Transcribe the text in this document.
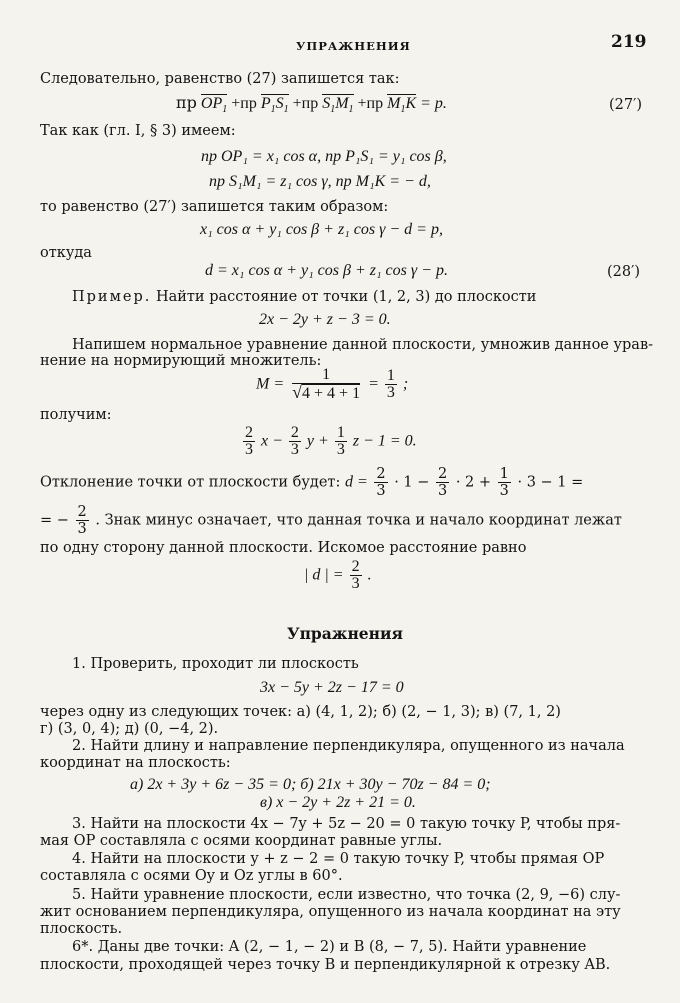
УПРАЖНЕНИЯ	219
Следовательно, равенство (27) запишется так:
пр $OP_1 +пр$ $P_1S_1 +пр$ $S_1M_1 +пр$ $M_1K = p$.	(27′)
Так как (гл. I, § 3) имеем:
пр OP₁ = x₁ cos α, пр P₁S₁ = y₁ cos β,
пр S₁M₁ = z₁ cos γ, пр M₁K = − d,
то равенство (27′) запишется таким образом:
x₁ cos α + y₁ cos β + z₁ cos γ − d = p,
откуда
d = x₁ cos α + y₁ cos β + z₁ cos γ − p.	(28′)
Пример. Найти расстояние от точки (1, 2, 3) до плоскости
2x − 2y + z − 3 = 0.
Напишем нормальное уравнение данной плоскости, умножив данное урав-
нение на нормирующий множитель:
$M = \frac{1}{√4 + 4 + 1} = \frac{1}{3}$ ;
получим:
$\frac{2}{3}$ $x - \frac{2}{3}$ $y + \frac{1}{3}$ z − 1 = 0.
Отклонение точки от плоскости будет: $d = \frac{2}{3} \cdot 1 - \frac{2}{3} \cdot 2 + \frac{1}{3} \cdot 3 - 1$ =
= − $\frac{2}{3}$ . Знак минус означает, что данная точка и начало координат лежат
по одну сторону данной плоскости. Искомое расстояние равно
| d | = $\frac{2}{3}$ .
Упражнения
1. Проверить, проходит ли плоскость
3x − 5y + 2z − 17 = 0
через одну из следующих точек: а) (4, 1, 2); б) (2, − 1, 3); в) (7, 1, 2)
г) (3, 0, 4); д) (0, −4, 2).
2. Найти длину и направление перпендикуляра, опущенного из начала
координат на плоскость:
а) 2x + 3y + 6z − 35 = 0; б) 21x + 30y − 70z − 84 = 0;
в) x − 2y + 2z + 21 = 0.
3. Найти на плоскости 4x − 7y + 5z − 20 = 0 такую точку P, чтобы пря-
мая OP составляла с осями координат равные углы.
4. Найти на плоскости y + z − 2 = 0 такую точку P, чтобы прямая OP
составляла с осями Oy и Oz углы в 60°.
5. Найти уравнение плоскости, если известно, что точка (2, 9, −6) слу-
жит основанием перпендикуляра, опущенного из начала координат на эту
плоскость.
6*. Даны две точки: A (2, − 1, − 2) и B (8, − 7, 5). Найти уравнение
плоскости, проходящей через точку B и перпендикулярной к отрезку AB.
